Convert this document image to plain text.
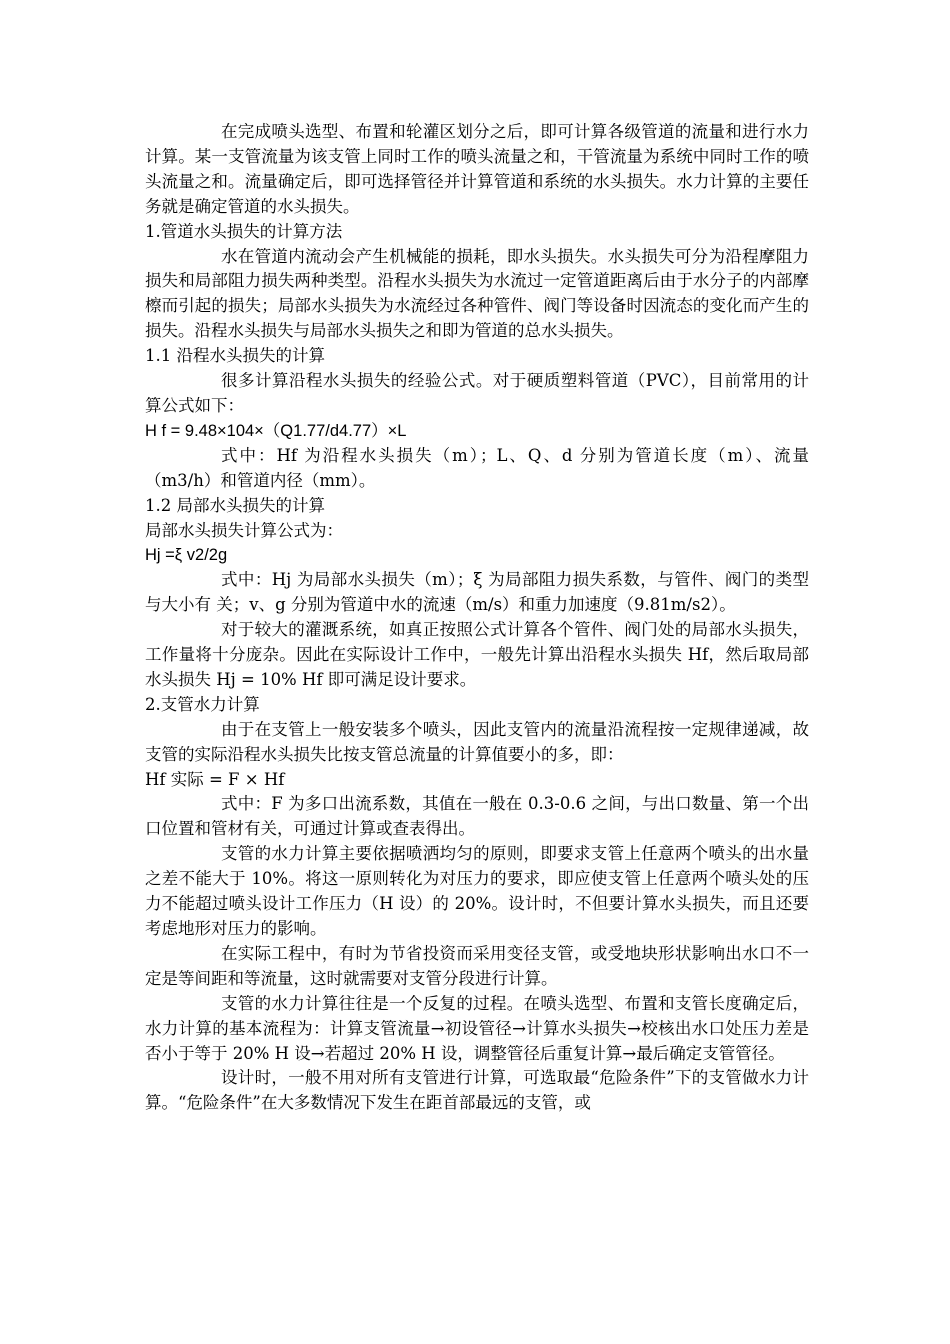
在完成喷头选型、布置和轮灌区划分之后，即可计算各级管道的流量和进行水力计算。某一支管流量为该支管上同时工作的喷头流量之和，干管流量为系统中同时工作的喷头流量之和。流量确定后，即可选择管径并计算管道和系统的水头损失。水力计算的主要任务就是确定管道的水头损失。

1.管道水头损失的计算方法

水在管道内流动会产生机械能的损耗，即水头损失。水头损失可分为沿程摩阻力损失和局部阻力损失两种类型。沿程水头损失为水流过一定管道距离后由于水分子的内部摩檫而引起的损失；局部水头损失为水流经过各种管件、阀门等设备时因流态的变化而产生的损失。沿程水头损失与局部水头损失之和即为管道的总水头损失。

1.1 沿程水头损失的计算

很多计算沿程水头损失的经验公式。对于硬质塑料管道（PVC），目前常用的计算公式如下：

H f = 9.48×104×（Q1.77/d4.77）×L

式中：Hf 为沿程水头损失（m）；L、Q、d 分别为管道长度（m）、流量（m3/h）和管道内径（mm）。

1.2 局部水头损失的计算

局部水头损失计算公式为：

Hj =ξ v2/2g

式中：Hj 为局部水头损失（m）；ξ 为局部阻力损失系数，与管件、阀门的类型与大小有 关；v、g 分别为管道中水的流速（m/s）和重力加速度（9.81m/s2）。

对于较大的灌溉系统，如真正按照公式计算各个管件、阀门处的局部水头损失，工作量将十分庞杂。因此在实际设计工作中，一般先计算出沿程水头损失 Hf，然后取局部水头损失 Hj = 10% Hf 即可满足设计要求。

2.支管水力计算

由于在支管上一般安装多个喷头，因此支管内的流量沿流程按一定规律递减，故支管的实际沿程水头损失比按支管总流量的计算值要小的多，即：

Hf 实际 = F × Hf

式中：F 为多口出流系数，其值在一般在 0.3-0.6 之间，与出口数量、第一个出口位置和管材有关，可通过计算或查表得出。

支管的水力计算主要依据喷洒均匀的原则，即要求支管上任意两个喷头的出水量之差不能大于 10%。将这一原则转化为对压力的要求，即应使支管上任意两个喷头处的压力不能超过喷头设计工作压力（H 设）的 20%。设计时，不但要计算水头损失，而且还要考虑地形对压力的影响。

在实际工程中，有时为节省投资而采用变径支管，或受地块形状影响出水口不一定是等间距和等流量，这时就需要对支管分段进行计算。

支管的水力计算往往是一个反复的过程。在喷头选型、布置和支管长度确定后，水力计算的基本流程为：计算支管流量→初设管径→计算水头损失→校核出水口处压力差是否小于等于 20% H 设→若超过 20% H 设，调整管径后重复计算→最后确定支管管径。

设计时，一般不用对所有支管进行计算，可选取最“危险条件”下的支管做水力计算。“危险条件”在大多数情况下发生在距首部最远的支管，或
